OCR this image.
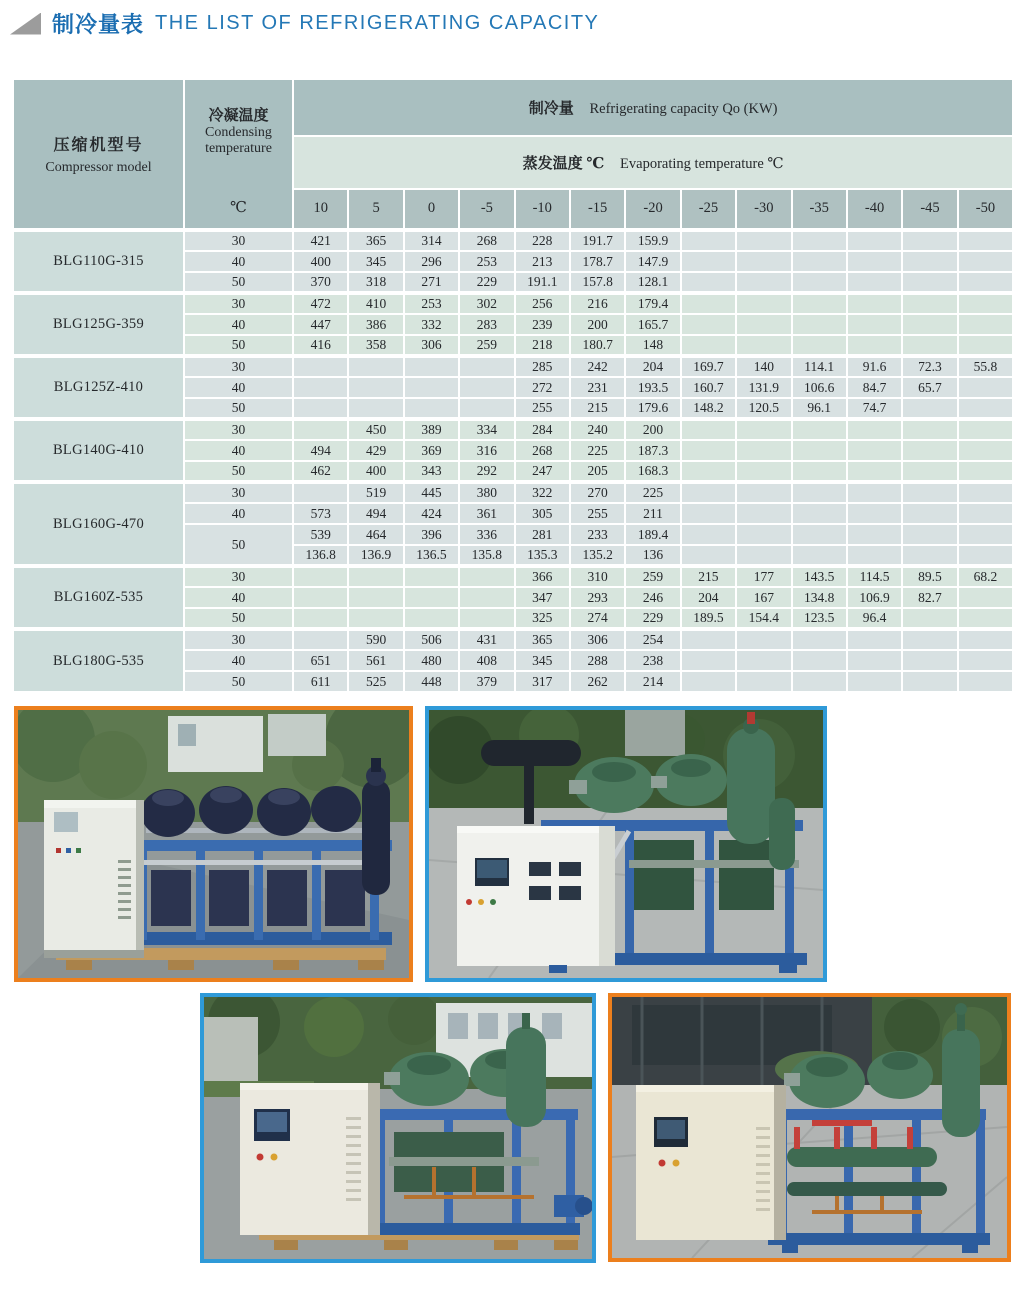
制冷量表 THE LIST OF REFRIGERATING CAPACITY
压缩机型号
Compressor model

冷凝温度
Condensing temperature
℃
	制冷量 Refrigerating capacity Qo (KW)
		蒸发温度 ℃ Evaporating temperature ℃												
		10	5	0	-5	-10	-15	-20	-25	-30	-35	-40	-45	-50
BLG110G-315	30	421	365	314	268	228	191.7	159.9						
	40	400	345	296	253	213	178.7	147.9						
	50	370	318	271	229	191.1	157.8	128.1						
BLG125G-359	30	472	410	253	302	256	216	179.4						
	40	447	386	332	283	239	200	165.7						
	50	416	358	306	259	218	180.7	148						
BLG125Z-410	30					285	242	204	169.7	140	114.1	91.6	72.3	55.8
	40					272	231	193.5	160.7	131.9	106.6	84.7	65.7	
	50					255	215	179.6	148.2	120.5	96.1	74.7		
BLG140G-410	30		450	389	334	284	240	200						
	40	494	429	369	316	268	225	187.3						
	50	462	400	343	292	247	205	168.3						
BLG160G-470	30		519	445	380	322	270	225						
	40	573	494	424	361	305	255	211						
	50	539	464	396	336	281	233	189.4						
		136.8	136.9	136.5	135.8	135.3	135.2	136						
BLG160Z-535	30					366	310	259	215	177	143.5	114.5	89.5	68.2
	40					347	293	246	204	167	134.8	106.9	82.7	
	50					325	274	229	189.5	154.4	123.5	96.4		
BLG180G-535	30		590	506	431	365	306	254						
	40	651	561	480	408	345	288	238						
	50	611	525	448	379	317	262	214						
